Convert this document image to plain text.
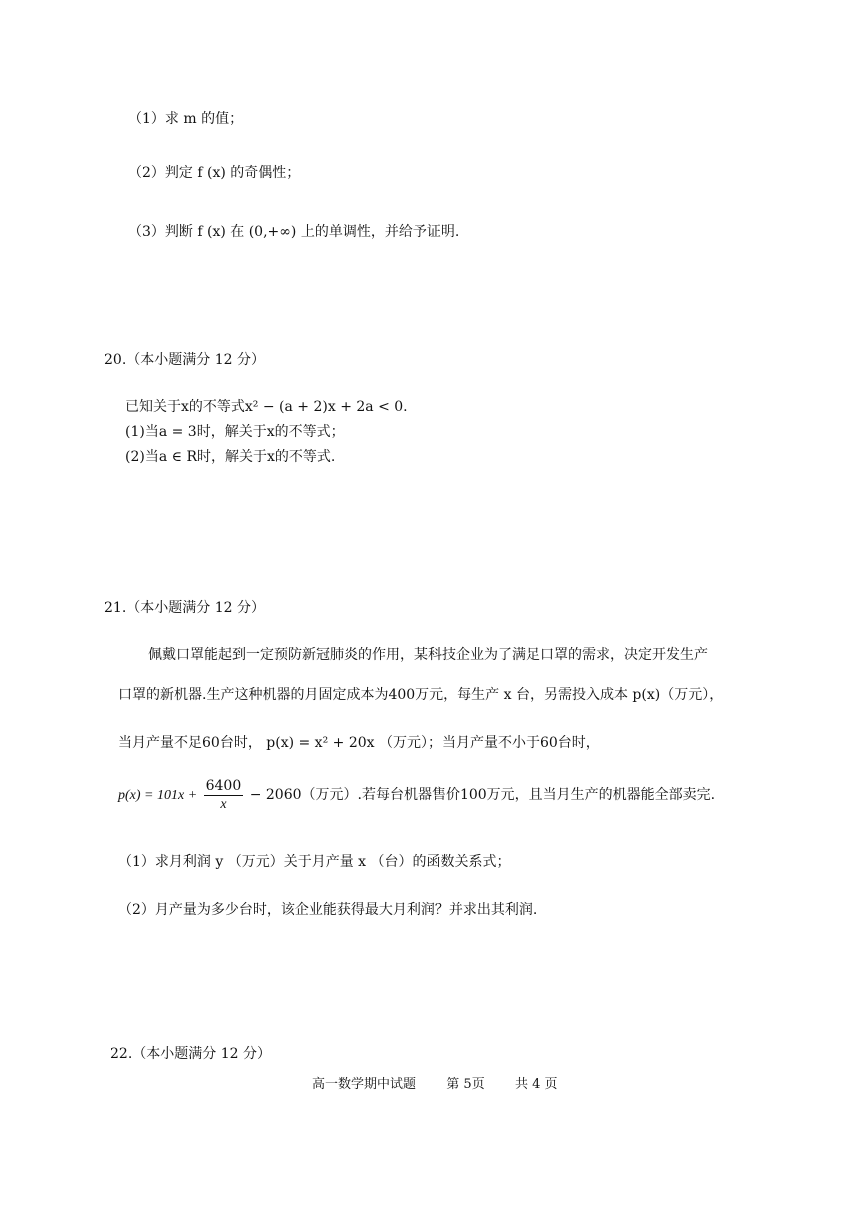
（1）求 m 的值；
（2）判定 f (x) 的奇偶性；
（3）判断 f (x) 在 (0,+∞) 上的单调性，并给予证明.
20.（本小题满分 12 分）
已知关于x的不等式x² − (a + 2)x + 2a < 0.
(1)当a = 3时，解关于x的不等式；
(2)当a ∈ R时，解关于x的不等式.
21.（本小题满分 12 分）
佩戴口罩能起到一定预防新冠肺炎的作用，某科技企业为了满足口罩的需求，决定开发生产
口罩的新机器.生产这种机器的月固定成本为400万元，每生产 x 台，另需投入成本 p(x)（万元），
当月产量不足60台时， p(x) = x² + 20x （万元）；当月产量不小于60台时，
$p(x) = 101x + \frac{6400}{x} - 2060$（万元）.若每台机器售价100万元，且当月生产的机器能全部卖完.
（1）求月利润 y （万元）关于月产量 x （台）的函数关系式；
（2）月产量为多少台时，该企业能获得最大月利润？并求出其利润.
22.（本小题满分 12 分）
高一数学期中试题 第 5页 共 4 页
